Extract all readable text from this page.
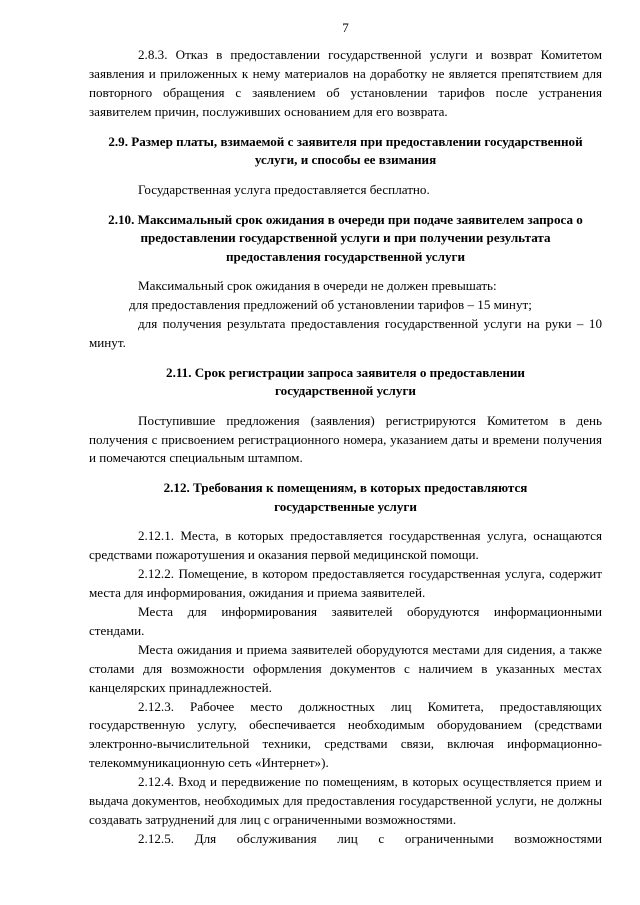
7

2.8.3. Отказ в предоставлении государственной услуги и возврат Комитетом заявления и приложенных к нему материалов на доработку не является препятствием для повторного обращения с заявлением об установлении тарифов после устранения заявителем причин, послуживших основанием для его возврата.

2.9. Размер платы, взимаемой с заявителя при предоставлении государственной услуги, и способы ее взимания

Государственная услуга предоставляется бесплатно.

2.10. Максимальный срок ожидания в очереди при подаче заявителем запроса о предоставлении государственной услуги и при получении результата предоставления государственной услуги

Максимальный срок ожидания в очереди не должен превышать:

для предоставления предложений об установлении тарифов – 15 минут;

для получения результата предоставления государственной услуги на руки – 10 минут.

2.11. Срок регистрации запроса заявителя о предоставлении государственной услуги

Поступившие предложения (заявления) регистрируются Комитетом в день получения с присвоением регистрационного номера, указанием даты и времени получения и помечаются специальным штампом.

2.12. Требования к помещениям, в которых предоставляются государственные услуги

2.12.1. Места, в которых предоставляется государственная услуга, оснащаются средствами пожаротушения и оказания первой медицинской помощи.

2.12.2. Помещение, в котором предоставляется государственная услуга, содержит места для информирования, ожидания и приема заявителей.

Места для информирования заявителей оборудуются информационными стендами.

Места ожидания и приема заявителей оборудуются местами для сидения, а также столами для возможности оформления документов с наличием в указанных местах канцелярских принадлежностей.

2.12.3. Рабочее место должностных лиц Комитета, предоставляющих государственную услугу, обеспечивается необходимым оборудованием (средствами электронно-вычислительной техники, средствами связи, включая информационно-телекоммуникационную сеть «Интернет»).

2.12.4. Вход и передвижение по помещениям, в которых осуществляется прием и выдача документов, необходимых для предоставления государственной услуги, не должны создавать затруднений для лиц с ограниченными возможностями.

2.12.5. Для обслуживания лиц с ограниченными возможностями
